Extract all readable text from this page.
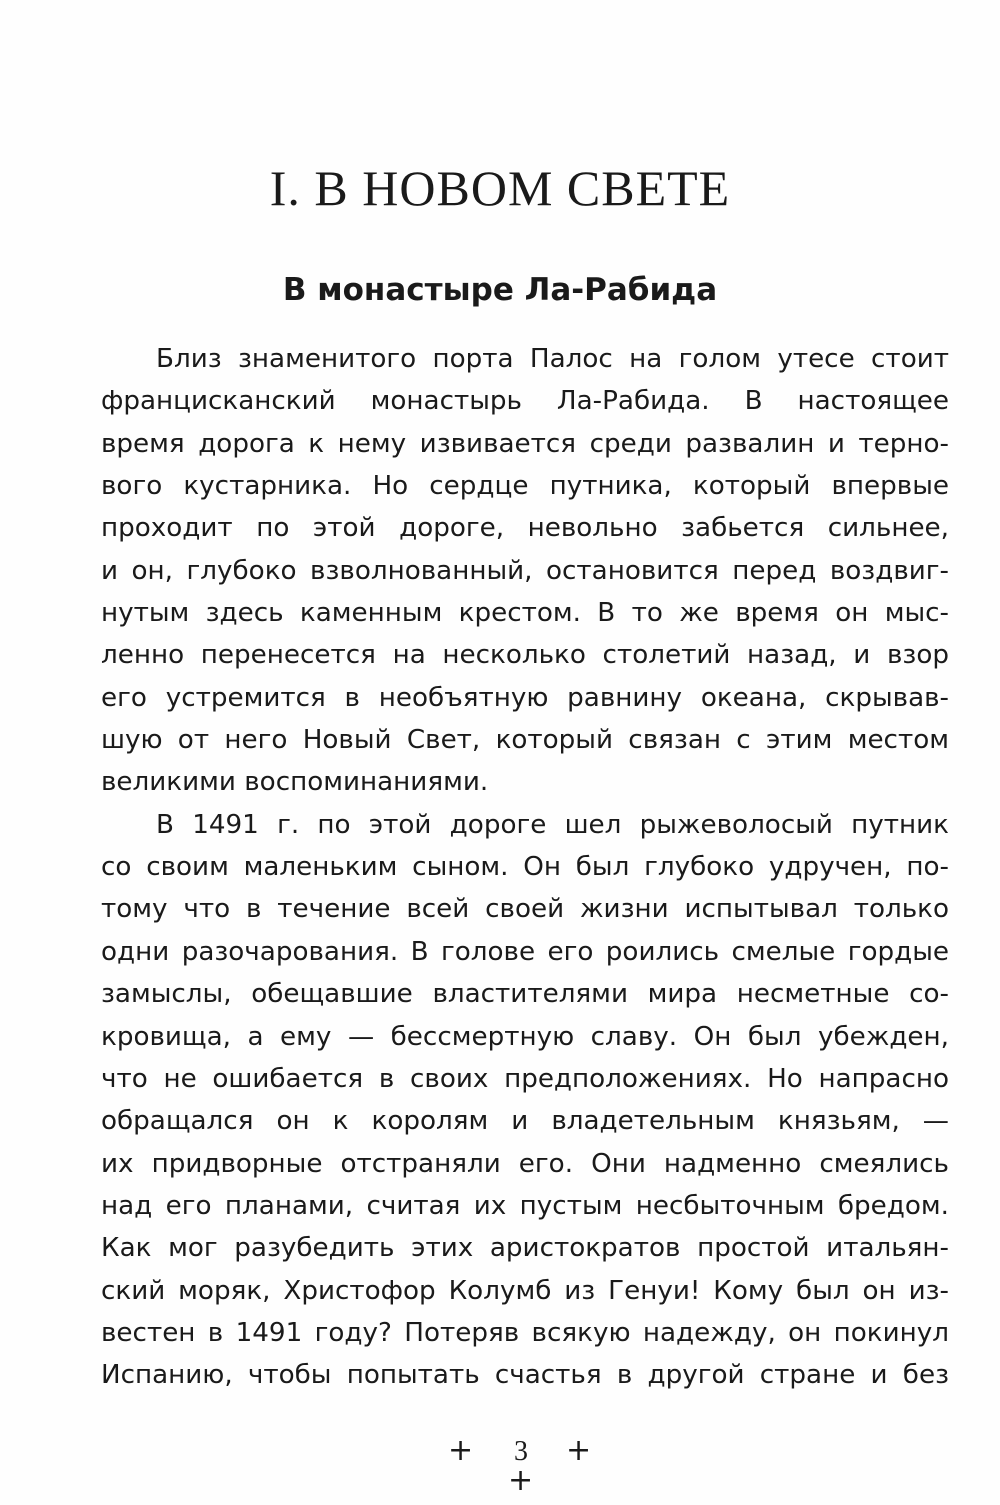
I. В НОВОМ СВЕТЕ
В монастыре Ла-Рабида
Близ знаменитого порта Палос на голом утесе стоит
францисканский монастырь Ла-Рабида. В настоящее
время дорога к нему извивается среди развалин и терно-
вого кустарника. Но сердце путника, который впервые
проходит по этой дороге, невольно забьется сильнее,
и он, глубоко взволнованный, остановится перед воздвиг-
нутым здесь каменным крестом. В то же время он мыс-
ленно перенесется на несколько столетий назад, и взор
его устремится в необъятную равнину океана, скрывав-
шую от него Новый Свет, который связан с этим местом
великими воспоминаниями.
В 1491 г. по этой дороге шел рыжеволосый путник
со своим маленьким сыном. Он был глубоко удручен, по-
тому что в течение всей своей жизни испытывал только
одни разочарования. В голове его роились смелые гордые
замыслы, обещавшие властителями мира несметные со-
кровища, а ему — бессмертную славу. Он был убежден,
что не ошибается в своих предположениях. Но напрасно
обращался он к королям и владетельным князьям, —
их придворные отстраняли его. Они надменно смеялись
над его планами, считая их пустым несбыточным бредом.
Как мог разубедить этих аристократов простой итальян-
ский моряк, Христофор Колумб из Генуи! Кому был он из-
вестен в 1491 году? Потеряв всякую надежду, он покинул
Испанию, чтобы попытать счастья в другой стране и без
+ 3 +
+
